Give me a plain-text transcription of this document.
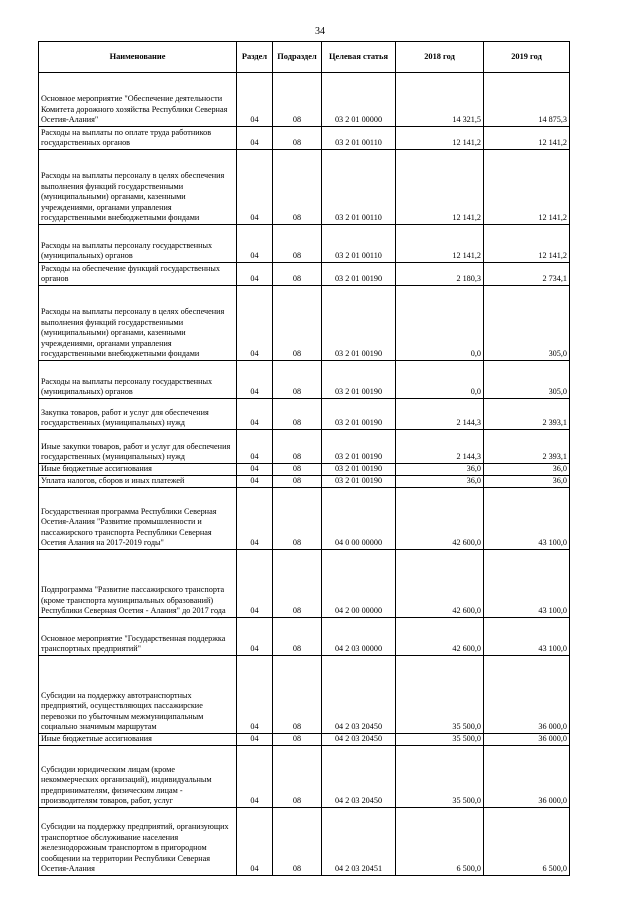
34
Наименование	Раздел	Подраздел	Целевая статья	2018 год	2019 год
Основное мероприятие "Обеспечение деятельности Комитета дорожного хозяйства Республики Северная Осетия-Алания"	04	08	03 2 01 00000	14 321,5	14 875,3
Расходы на выплаты по оплате труда работников государственных органов	04	08	03 2 01 00110	12 141,2	12 141,2
Расходы на выплаты персоналу в целях обеспечения выполнения функций государственными (муниципальными) органами, казенными учреждениями, органами управления государственными внебюджетными фондами	04	08	03 2 01 00110	12 141,2	12 141,2
Расходы на выплаты персоналу государственных (муниципальных) органов	04	08	03 2 01 00110	12 141,2	12 141,2
Расходы на обеспечение функций государственных органов	04	08	03 2 01 00190	2 180,3	2 734,1
Расходы на выплаты персоналу в целях обеспечения выполнения функций государственными (муниципальными) органами, казенными учреждениями, органами управления государственными внебюджетными фондами	04	08	03 2 01 00190	0,0	305,0
Расходы на выплаты персоналу государственных (муниципальных) органов	04	08	03 2 01 00190	0,0	305,0
Закупка товаров, работ и услуг для обеспечения государственных (муниципальных) нужд	04	08	03 2 01 00190	2 144,3	2 393,1
Иные закупки товаров, работ и услуг для обеспечения государственных (муниципальных) нужд	04	08	03 2 01 00190	2 144,3	2 393,1
Иные бюджетные ассигнования	04	08	03 2 01 00190	36,0	36,0
Уплата налогов, сборов и иных платежей	04	08	03 2 01 00190	36,0	36,0
Государственная программа Республики Северная Осетия-Алания "Развитие промышленности и пассажирского транспорта Республики Северная Осетия Алания на 2017-2019 годы"	04	08	04 0 00 00000	42 600,0	43 100,0
Подпрограмма "Развитие пассажирского транспорта (кроме транспорта муниципальных образований) Республики Северная Осетия - Алания" до 2017 года	04	08	04 2 00 00000	42 600,0	43 100,0
Основное мероприятие "Государственная поддержка транспортных предприятий"	04	08	04 2 03 00000	42 600,0	43 100,0
Субсидии на поддержку автотранспортных предприятий, осуществляющих пассажирские перевозки по убыточным межмуниципальным социально значимым маршрутам	04	08	04 2 03 20450	35 500,0	36 000,0
Иные бюджетные ассигнования	04	08	04 2 03 20450	35 500,0	36 000,0
Субсидии юридическим лицам (кроме некоммерческих организаций), индивидуальным предпринимателям, физическим лицам - производителям товаров, работ, услуг	04	08	04 2 03 20450	35 500,0	36 000,0
Субсидии на поддержку предприятий, организующих транспортное обслуживание населения железнодорожным транспортом в пригородном сообщении на территории Республики Северная Осетия-Алания	04	08	04 2 03 20451	6 500,0	6 500,0
